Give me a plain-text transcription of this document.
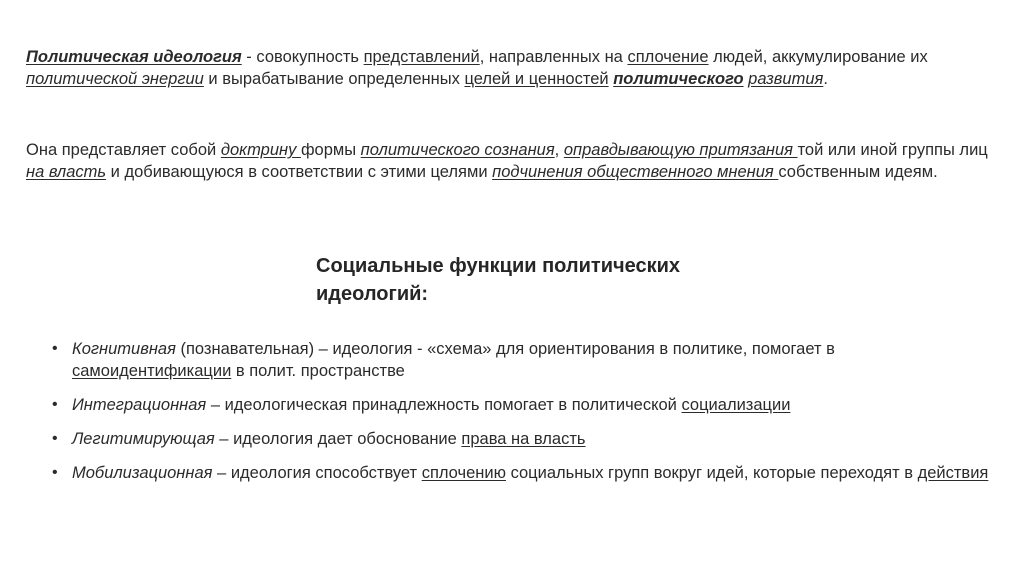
Политическая идеология - совокупность представлений, направленных на сплочение людей, аккумулирование их политической энергии и вырабатывание определенных целей и ценностей политического развития.

Она представляет собой доктрину формы политического сознания, оправдывающую притязания той или иной группы лиц на власть и добивающуюся в соответствии с этими целями подчинения общественного мнения собственным идеям.

Социальные функции политических идеологий:
• Когнитивная (познавательная) – идеология - «схема» для ориентирования в политике, помогает в самоидентификации в полит. пространстве
• Интеграционная – идеологическая принадлежность помогает в политической социализации
• Легитимирующая – идеология дает обоснование права на власть
• Мобилизационная – идеология способствует сплочению социальных групп вокруг идей, которые переходят в действия
